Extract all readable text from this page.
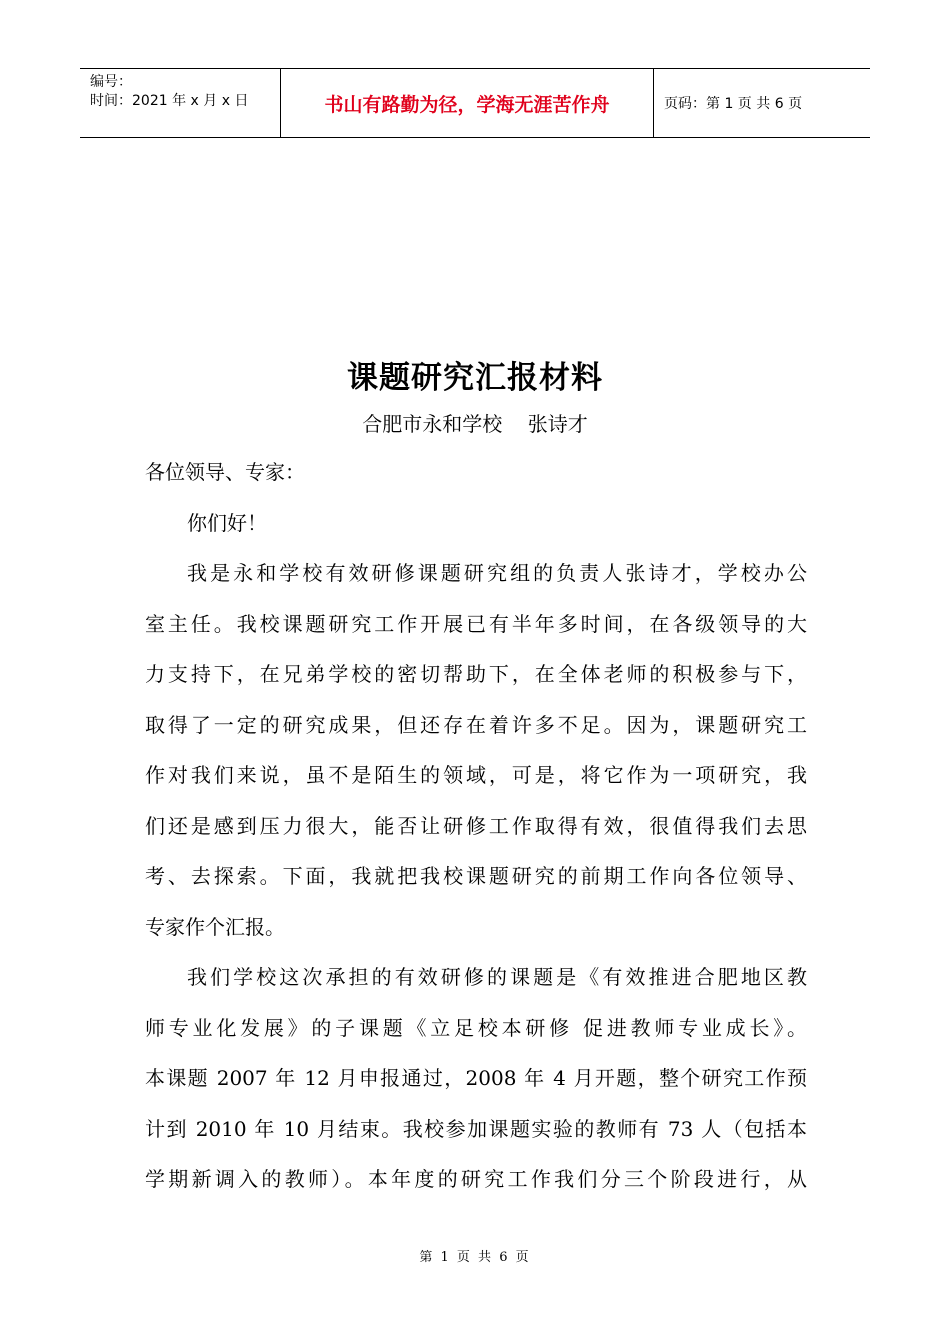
编号：
时间：2021 年 x 月 x 日	书山有路勤为径，学海无涯苦作舟	页码：第 1 页 共 6 页
课题研究汇报材料
合肥市永和学校    张诗才
各位领导、专家：
你们好！
我是永和学校有效研修课题研究组的负责人张诗才，学校办公
室主任。我校课题研究工作开展已有半年多时间，在各级领导的大
力支持下，在兄弟学校的密切帮助下，在全体老师的积极参与下，
取得了一定的研究成果，但还存在着许多不足。因为，课题研究工
作对我们来说，虽不是陌生的领域，可是，将它作为一项研究，我
们还是感到压力很大，能否让研修工作取得有效，很值得我们去思
考、去探索。下面，我就把我校课题研究的前期工作向各位领导、
专家作个汇报。
我们学校这次承担的有效研修的课题是《有效推进合肥地区教
师专业化发展》的子课题《立足校本研修 促进教师专业成长》。
本课题 2007 年 12 月申报通过，2008 年 4 月开题，整个研究工作预
计到 2010 年 10 月结束。我校参加课题实验的教师有 73 人（包括本
学期新调入的教师）。本年度的研究工作我们分三个阶段进行，从
第 1 页 共 6 页
